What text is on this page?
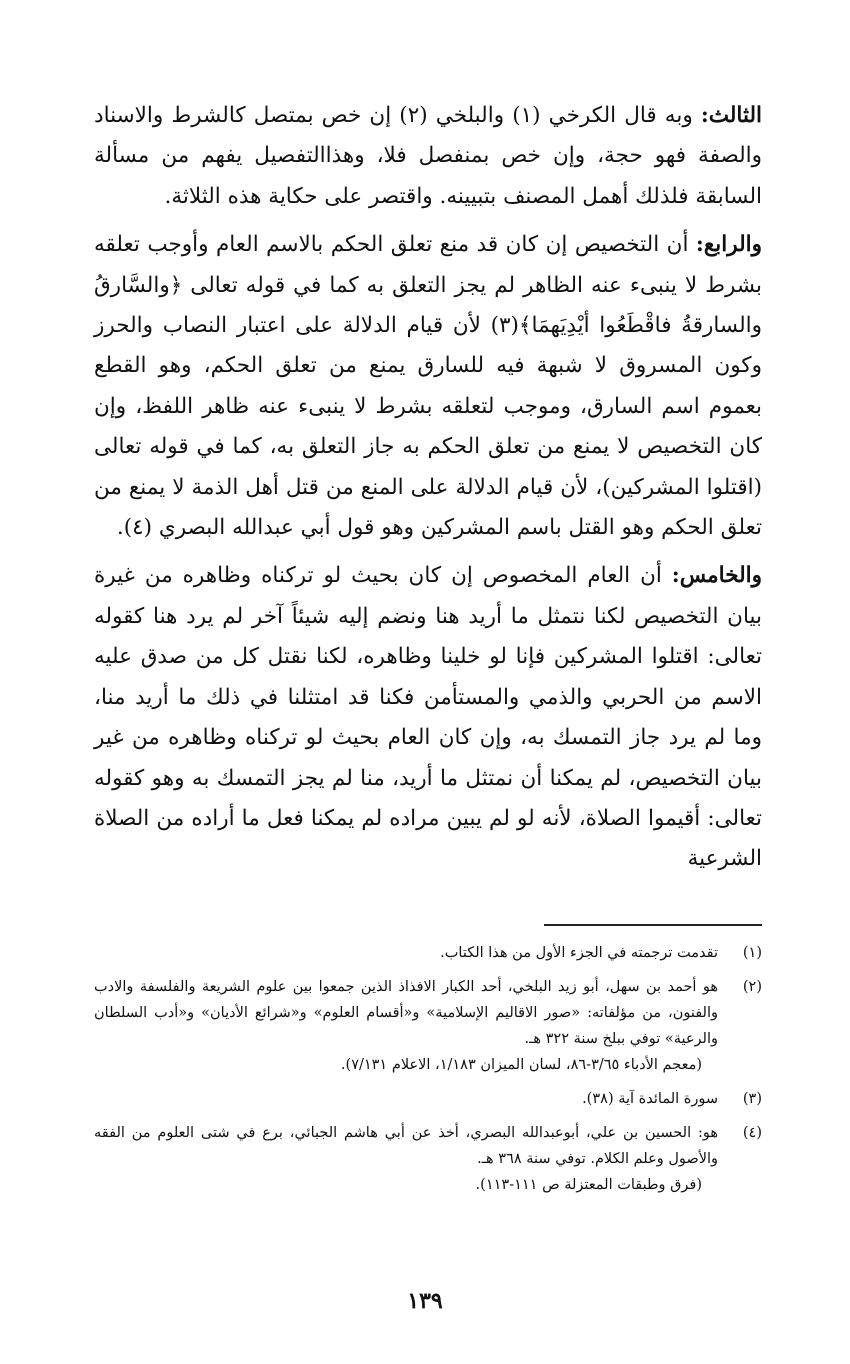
الثالث: وبه قال الكرخي (١) والبلخي (٢) إن خص بمتصل كالشرط والاسناد والصفة فهو حجة، وإن خص بمنفصل فلا، وهذاالتفصيل يفهم من مسألة السابقة فلذلك أهمل المصنف بتبيينه. واقتصر على حكاية هذه الثلاثة.

والرابع: أن التخصيص إن كان قد منع تعلق الحكم بالاسم العام وأوجب تعلقه بشرط لا ينبىء عنه الظاهر لم يجز التعلق به كما في قوله تعالى ﴿والسَّارقُ والسارقةُ فاقْطَعُوا أيْدِيَهمَا﴾(٣) لأن قيام الدلالة على اعتبار النصاب والحرز وكون المسروق لا شبهة فيه للسارق يمنع من تعلق الحكم، وهو القطع بعموم اسم السارق، وموجب لتعلقه بشرط لا ينبىء عنه ظاهر اللفظ، وإن كان التخصيص لا يمنع من تعلق الحكم به جاز التعلق به، كما في قوله تعالى (اقتلوا المشركين)، لأن قيام الدلالة على المنع من قتل أهل الذمة لا يمنع من تعلق الحكم وهو القتل باسم المشركين وهو قول أبي عبدالله البصري (٤).

والخامس: أن العام المخصوص إن كان بحيث لو تركناه وظاهره من غيرة بيان التخصيص لكنا نتمثل ما أريد هنا ونضم إليه شيئاً آخر لم يرد هنا كقوله تعالى: اقتلوا المشركين فإنا لو خلينا وظاهره، لكنا نقتل كل من صدق عليه الاسم من الحربي والذمي والمستأمن فكنا قد امتثلنا في ذلك ما أريد منا، وما لم يرد جاز التمسك به، وإن كان العام بحيث لو تركناه وظاهره من غير بيان التخصيص، لم يمكنا أن نمتثل ما أريد، منا لم يجز التمسك به وهو كقوله تعالى: أقيموا الصلاة، لأنه لو لم يبين مراده لم يمكنا فعل ما أراده من الصلاة الشرعية

(١)
تقدمت ترجمته في الجزء الأول من هذا الكتاب.
(٢)
هو أحمد بن سهل، أبو زيد البلخي، أحد الكبار الافذاذ الذين جمعوا بين علوم الشريعة والفلسفة والادب والفنون، من مؤلفاته: «صور الاقاليم الإسلامية» و«أقسام العلوم» و«شرائع الأديان» و«أدب السلطان والرعية» توفي ببلخ سنة ٣٢٢ هـ.
(معجم الأدباء ٣/٦٥-٨٦، لسان الميزان ١/١٨٣، الاعلام ٧/١٣١).
(٣)
سورة المائدة آية (٣٨).
(٤)
هو: الحسين بن علي، أبوعبدالله البصري، أخذ عن أبي هاشم الجبائي، برع في شتى العلوم من الفقه والأصول وعلم الكلام. توفي سنة ٣٦٨ هـ.
(فرق وطبقات المعتزلة ص ١١١-١١٣).
١٣٩
